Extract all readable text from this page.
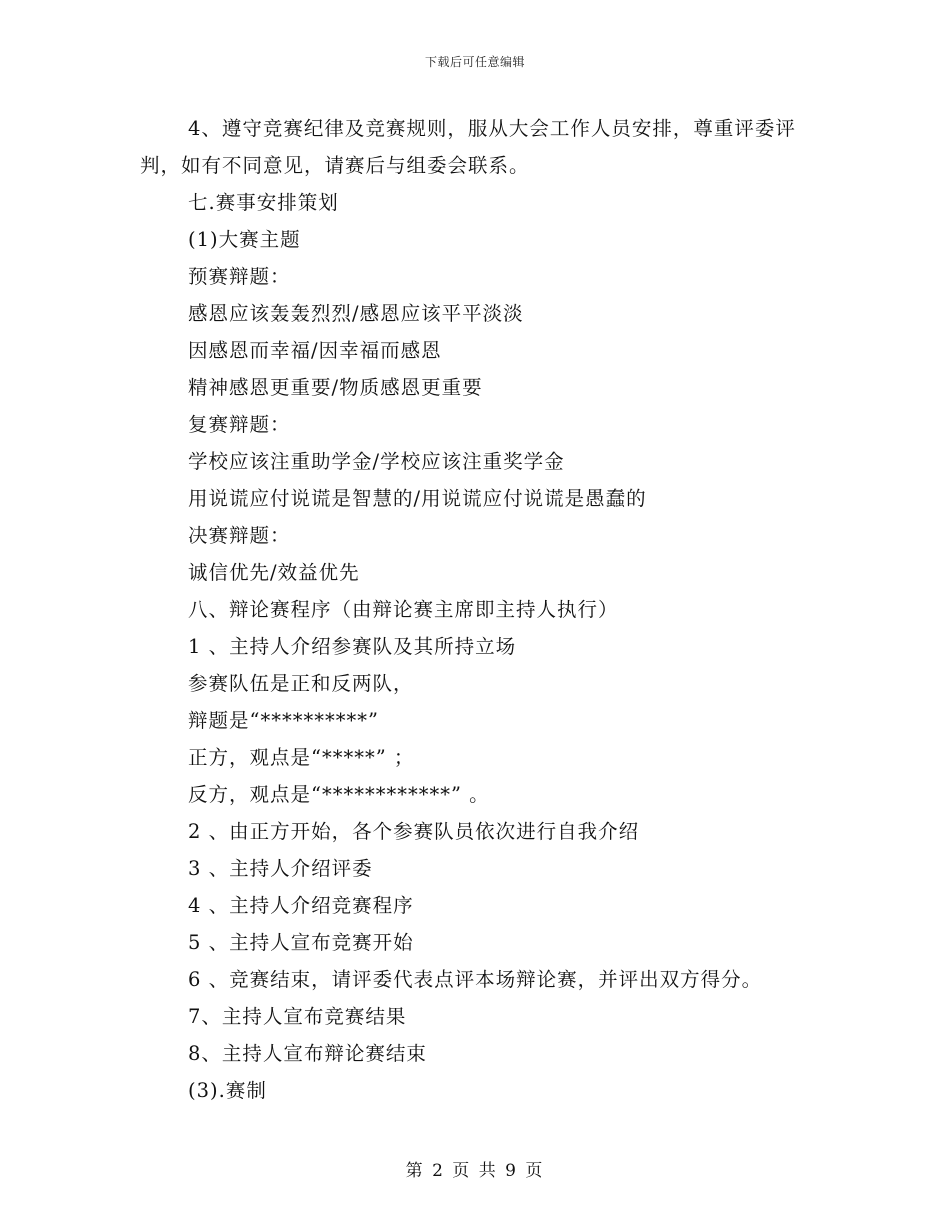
下载后可任意编辑

4、遵守竞赛纪律及竞赛规则，服从大会工作人员安排，尊重评委评判，如有不同意见，请赛后与组委会联系。

七.赛事安排策划

(1)大赛主题

预赛辩题：

感恩应该轰轰烈烈/感恩应该平平淡淡

因感恩而幸福/因幸福而感恩

精神感恩更重要/物质感恩更重要

复赛辩题：

学校应该注重助学金/学校应该注重奖学金

用说谎应付说谎是智慧的/用说谎应付说谎是愚蠢的

决赛辩题：

诚信优先/效益优先

八、辩论赛程序（由辩论赛主席即主持人执行）

1 、主持人介绍参赛队及其所持立场

参赛队伍是正和反两队，

辩题是“**********”

正方，观点是“*****” ；

反方，观点是“************” 。

2 、由正方开始，各个参赛队员依次进行自我介绍

3 、主持人介绍评委

4 、主持人介绍竞赛程序

5 、主持人宣布竞赛开始

6 、竞赛结束，请评委代表点评本场辩论赛，并评出双方得分。

7、主持人宣布竞赛结果

8、主持人宣布辩论赛结束

(3).赛制

第 2 页 共 9 页
